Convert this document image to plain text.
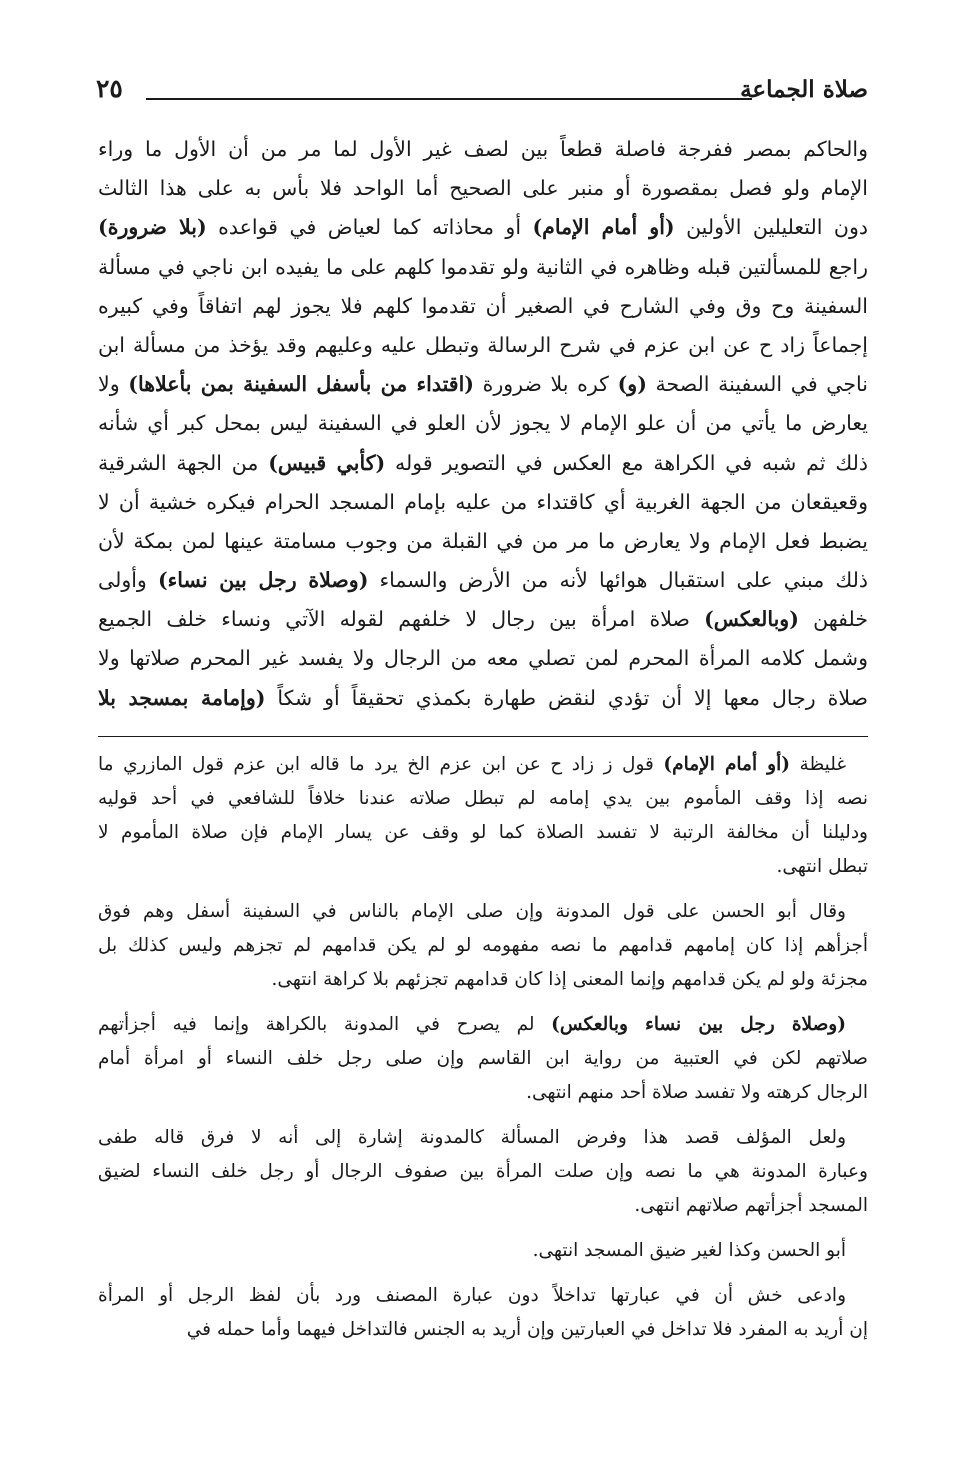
صلاة الجماعة
٢٥
والحاكم بمصر ففرجة فاصلة قطعاً بين لصف غير الأول لما مر من أن الأول ما وراء
الإمام ولو فصل بمقصورة أو منبر على الصحيح أما الواحد فلا بأس به على هذا الثالث
دون التعليلين الأولين (أو أمام الإمام) أو محاذاته كما لعياض في قواعده (بلا ضرورة)
راجع للمسألتين قبله وظاهره في الثانية ولو تقدموا كلهم على ما يفيده ابن ناجي في مسألة
السفينة وح وق وفي الشارح في الصغير أن تقدموا كلهم فلا يجوز لهم اتفاقاً وفي كبيره
إجماعاً زاد ح عن ابن عزم في شرح الرسالة وتبطل عليه وعليهم وقد يؤخذ من مسألة ابن
ناجي في السفينة الصحة (و) كره بلا ضرورة (اقتداء من بأسفل السفينة بمن بأعلاها) ولا
يعارض ما يأتي من أن علو الإمام لا يجوز لأن العلو في السفينة ليس بمحل كبر أي شأنه
ذلك ثم شبه في الكراهة مع العكس في التصوير قوله (كأبي قبيس) من الجهة الشرقية
وقعيقعان من الجهة الغربية أي كاقتداء من عليه بإمام المسجد الحرام فيكره خشية أن لا
يضبط فعل الإمام ولا يعارض ما مر من في القبلة من وجوب مسامتة عينها لمن بمكة لأن
ذلك مبني على استقبال هوائها لأنه من الأرض والسماء (وصلاة رجل بين نساء) وأولى
خلفهن (وبالعكس) صلاة امرأة بين رجال لا خلفهم لقوله الآتي ونساء خلف الجميع
وشمل كلامه المرأة المحرم لمن تصلي معه من الرجال ولا يفسد غير المحرم صلاتها ولا
صلاة رجال معها إلا أن تؤدي لنقض طهارة بكمذي تحقيقاً أو شكاً (وإمامة بمسجد بلا
غليظة (أو أمام الإمام) قول ز زاد ح عن ابن عزم الخ يرد ما قاله ابن عزم قول المازري ما
نصه إذا وقف المأموم بين يدي إمامه لم تبطل صلاته عندنا خلافاً للشافعي في أحد قوليه
ودليلنا أن مخالفة الرتبة لا تفسد الصلاة كما لو وقف عن يسار الإمام فإن صلاة المأموم لا
تبطل انتهى.
وقال أبو الحسن على قول المدونة وإن صلى الإمام بالناس في السفينة أسفل وهم فوق
أجزأهم إذا كان إمامهم قدامهم ما نصه مفهومه لو لم يكن قدامهم لم تجزهم وليس كذلك بل
مجزئة ولو لم يكن قدامهم وإنما المعنى إذا كان قدامهم تجزئهم بلا كراهة انتهى.
(وصلاة رجل بين نساء وبالعكس) لم يصرح في المدونة بالكراهة وإنما فيه أجزأتهم
صلاتهم لكن في العتبية من رواية ابن القاسم وإن صلى رجل خلف النساء أو امرأة أمام
الرجال كرهته ولا تفسد صلاة أحد منهم انتهى.
ولعل المؤلف قصد هذا وفرض المسألة كالمدونة إشارة إلى أنه لا فرق قاله طفى
وعبارة المدونة هي ما نصه وإن صلت المرأة بين صفوف الرجال أو رجل خلف النساء لضيق
المسجد أجزأتهم صلاتهم انتهى.
أبو الحسن وكذا لغير ضيق المسجد انتهى.
وادعى خش أن في عبارتها تداخلاً دون عبارة المصنف ورد بأن لفظ الرجل أو المرأة
إن أريد به المفرد فلا تداخل في العبارتين وإن أريد به الجنس فالتداخل فيهما وأما حمله في
